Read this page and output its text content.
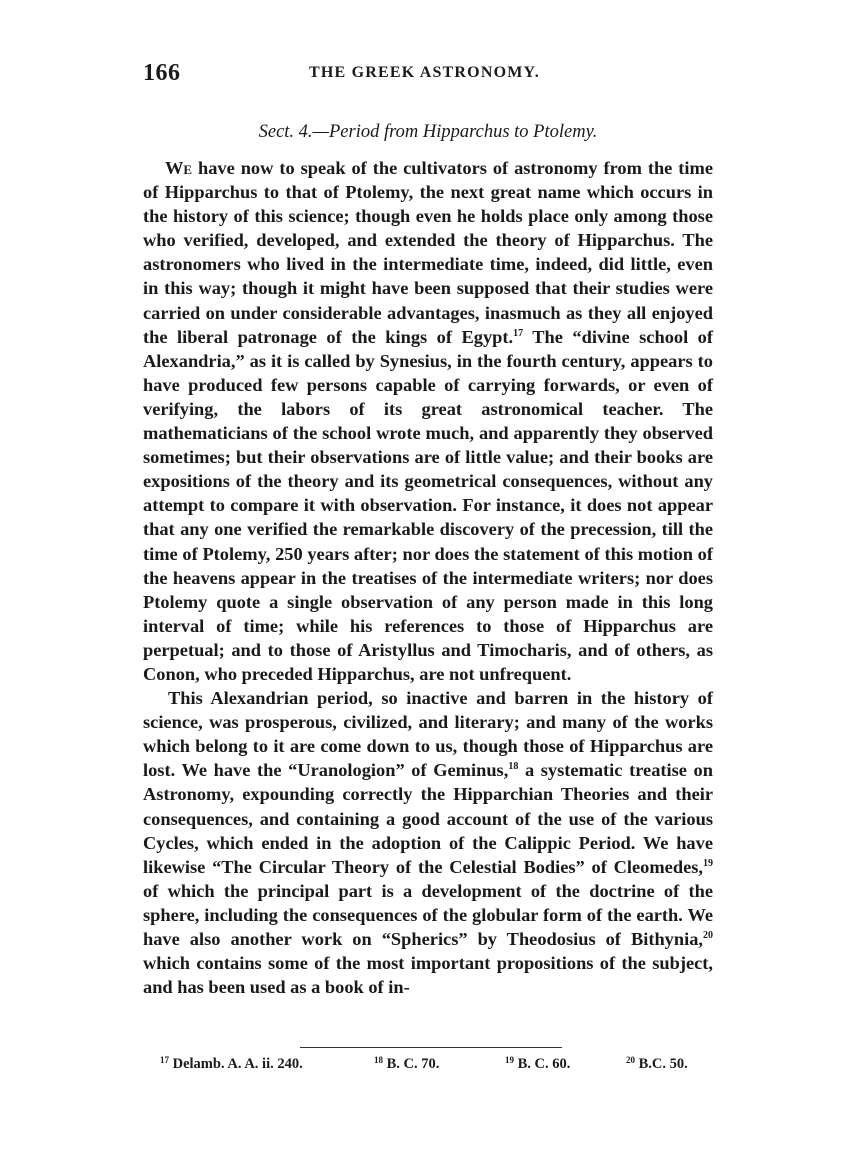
166	THE GREEK ASTRONOMY.
Sect. 4.—Period from Hipparchus to Ptolemy.

We have now to speak of the cultivators of astronomy from the time of Hipparchus to that of Ptolemy, the next great name which occurs in the history of this science; though even he holds place only among those who verified, developed, and extended the theory of Hipparchus. The astronomers who lived in the intermediate time, indeed, did little, even in this way; though it might have been supposed that their studies were carried on under considerable advantages, inasmuch as they all enjoyed the liberal patronage of the kings of Egypt.$^{17}$ The “divine school of Alexandria,” as it is called by Synesius, in the fourth century, appears to have produced few persons capable of carrying forwards, or even of verifying, the labors of its great astronomical teacher. The mathematicians of the school wrote much, and apparently they observed sometimes; but their observations are of little value; and their books are expositions of the theory and its geometrical consequences, without any attempt to compare it with observation. For instance, it does not appear that any one verified the remarkable discovery of the precession, till the time of Ptolemy, 250 years after; nor does the statement of this motion of the heavens appear in the treatises of the intermediate writers; nor does Ptolemy quote a single observation of any person made in this long interval of time; while his references to those of Hipparchus are perpetual; and to those of Aristyllus and Timocharis, and of others, as Conon, who preceded Hipparchus, are not unfrequent.

This Alexandrian period, so inactive and barren in the history of science, was prosperous, civilized, and literary; and many of the works which belong to it are come down to us, though those of Hipparchus are lost. We have the “Uranologion” of Geminus,$^{18}$ a systematic treatise on Astronomy, expounding correctly the Hipparchian Theories and their consequences, and containing a good account of the use of the various Cycles, which ended in the adoption of the Calippic Period. We have likewise “The Circular Theory of the Celestial Bodies” of Cleomedes,$^{19}$ of which the principal part is a development of the doctrine of the sphere, including the consequences of the globular form of the earth. We have also another work on “Spherics” by Theodosius of Bithynia,$^{20}$ which contains some of the most important propositions of the subject, and has been used as a book of in-

$^{17}$ Delamb. A. A. ii. 240.	$^{18}$ B. C. 70.	$^{19}$ B. C. 60.	$^{20}$ B.C. 50.
